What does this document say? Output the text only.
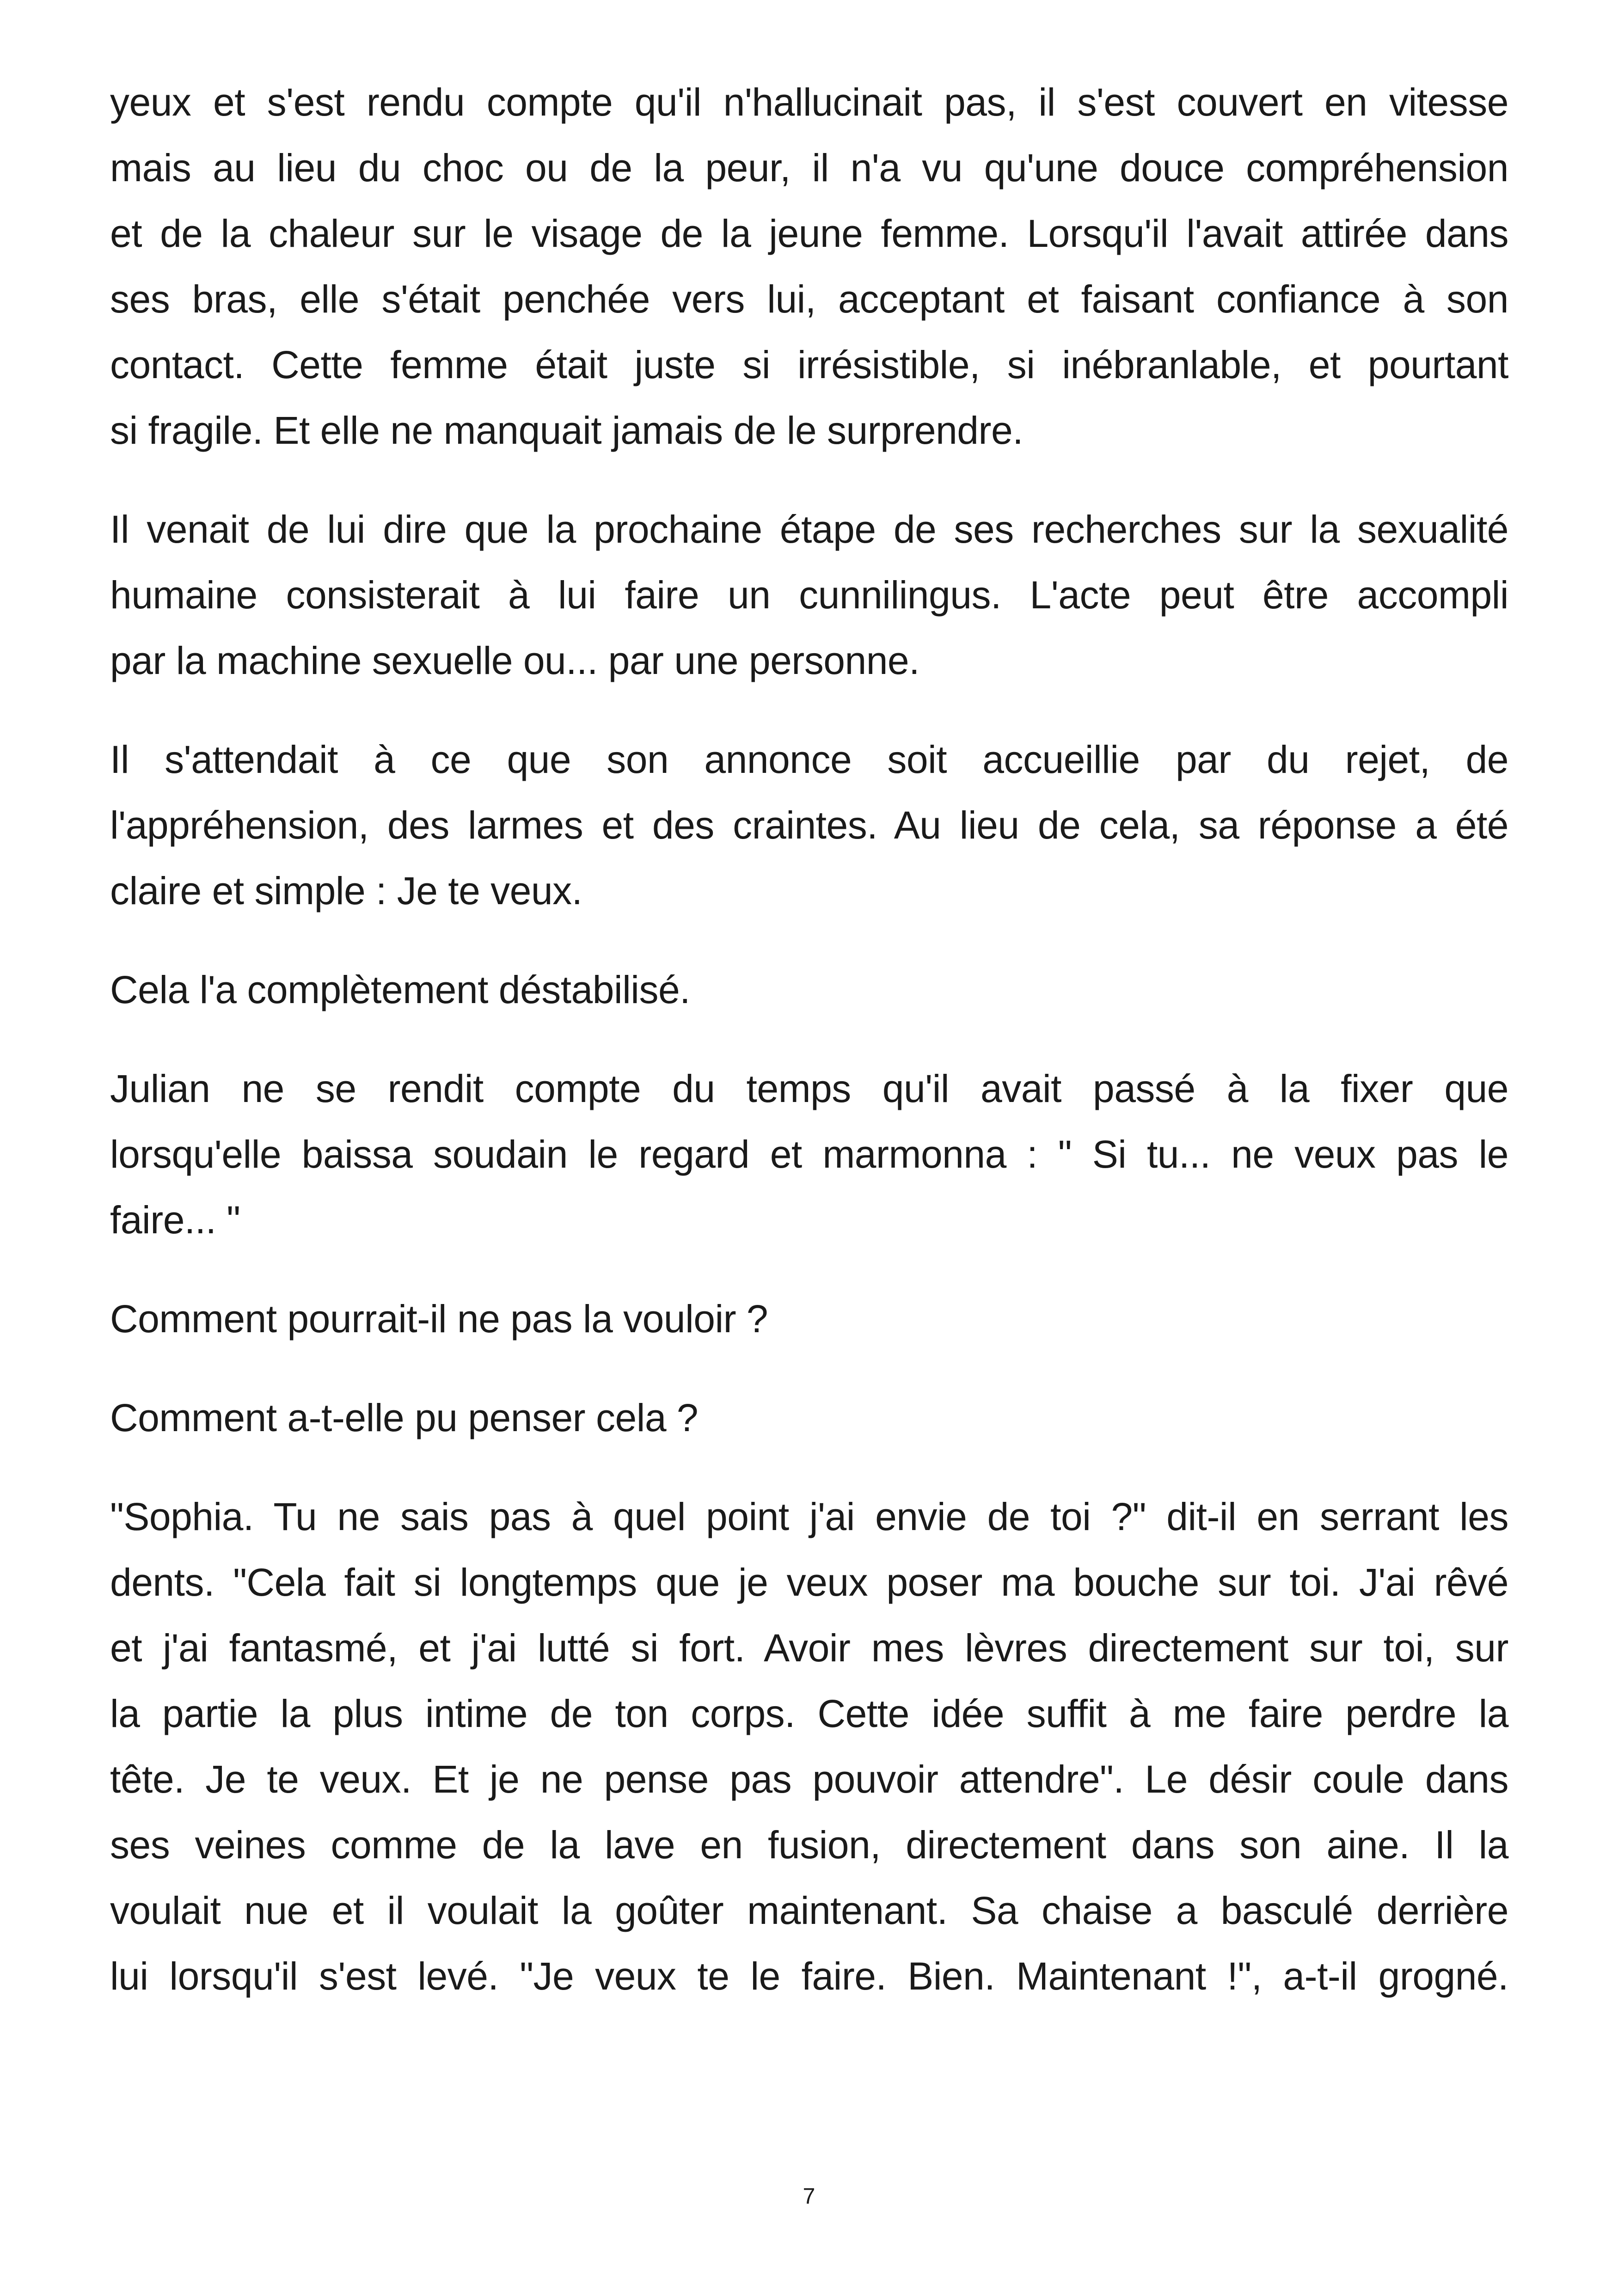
yeux et s'est rendu compte qu'il n'hallucinait pas, il s'est couvert en vitesse
mais au lieu du choc ou de la peur, il n'a vu qu'une douce compréhension
et de la chaleur sur le visage de la jeune femme. Lorsqu'il l'avait attirée dans
ses bras, elle s'était penchée vers lui, acceptant et faisant confiance à son
contact. Cette femme était juste si irrésistible, si inébranlable, et pourtant
si fragile. Et elle ne manquait jamais de le surprendre.
Il venait de lui dire que la prochaine étape de ses recherches sur la sexualité
humaine consisterait à lui faire un cunnilingus. L'acte peut être accompli
par la machine sexuelle ou... par une personne.
Il s'attendait à ce que son annonce soit accueillie par du rejet, de
l'appréhension, des larmes et des craintes. Au lieu de cela, sa réponse a été
claire et simple : Je te veux.
Cela l'a complètement déstabilisé.
Julian ne se rendit compte du temps qu'il avait passé à la fixer que
lorsqu'elle baissa soudain le regard et marmonna : " Si tu... ne veux pas le
faire... "
Comment pourrait-il ne pas la vouloir ?
Comment a-t-elle pu penser cela ?
"Sophia. Tu ne sais pas à quel point j'ai envie de toi ?" dit-il en serrant les
dents. "Cela fait si longtemps que je veux poser ma bouche sur toi. J'ai rêvé
et j'ai fantasmé, et j'ai lutté si fort. Avoir mes lèvres directement sur toi, sur
la partie la plus intime de ton corps. Cette idée suffit à me faire perdre la
tête. Je te veux. Et je ne pense pas pouvoir attendre". Le désir coule dans
ses veines comme de la lave en fusion, directement dans son aine. Il la
voulait nue et il voulait la goûter maintenant. Sa chaise a basculé derrière
lui lorsqu'il s'est levé. "Je veux te le faire. Bien. Maintenant !", a-t-il grogné.
7
